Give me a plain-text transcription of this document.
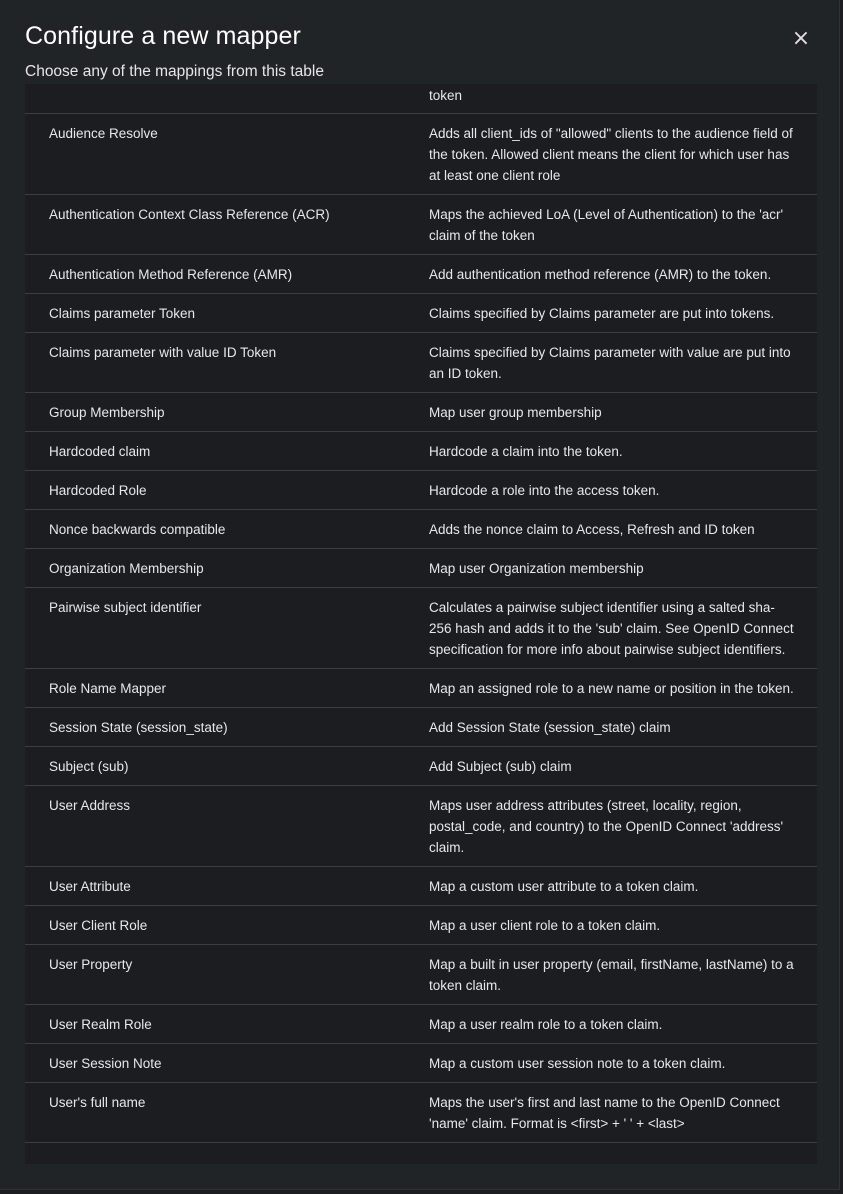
Configure a new mapper	×
Choose any of the mappings from this table
token
Audience Resolve	Adds all client_ids of "allowed" clients to the audience field of the token. Allowed client means the client for which user has at least one client role
Authentication Context Class Reference (ACR)	Maps the achieved LoA (Level of Authentication) to the 'acr' claim of the token
Authentication Method Reference (AMR)	Add authentication method reference (AMR) to the token.
Claims parameter Token	Claims specified by Claims parameter are put into tokens.
Claims parameter with value ID Token	Claims specified by Claims parameter with value are put into an ID token.
Group Membership	Map user group membership
Hardcoded claim	Hardcode a claim into the token.
Hardcoded Role	Hardcode a role into the access token.
Nonce backwards compatible	Adds the nonce claim to Access, Refresh and ID token
Organization Membership	Map user Organization membership
Pairwise subject identifier	Calculates a pairwise subject identifier using a salted sha-256 hash and adds it to the 'sub' claim. See OpenID Connect specification for more info about pairwise subject identifiers.
Role Name Mapper	Map an assigned role to a new name or position in the token.
Session State (session_state)	Add Session State (session_state) claim
Subject (sub)	Add Subject (sub) claim
User Address	Maps user address attributes (street, locality, region, postal_code, and country) to the OpenID Connect 'address' claim.
User Attribute	Map a custom user attribute to a token claim.
User Client Role	Map a user client role to a token claim.
User Property	Map a built in user property (email, firstName, lastName) to a token claim.
User Realm Role	Map a user realm role to a token claim.
User Session Note	Map a custom user session note to a token claim.
User's full name	Maps the user's first and last name to the OpenID Connect 'name' claim. Format is <first> + ' ' + <last>
